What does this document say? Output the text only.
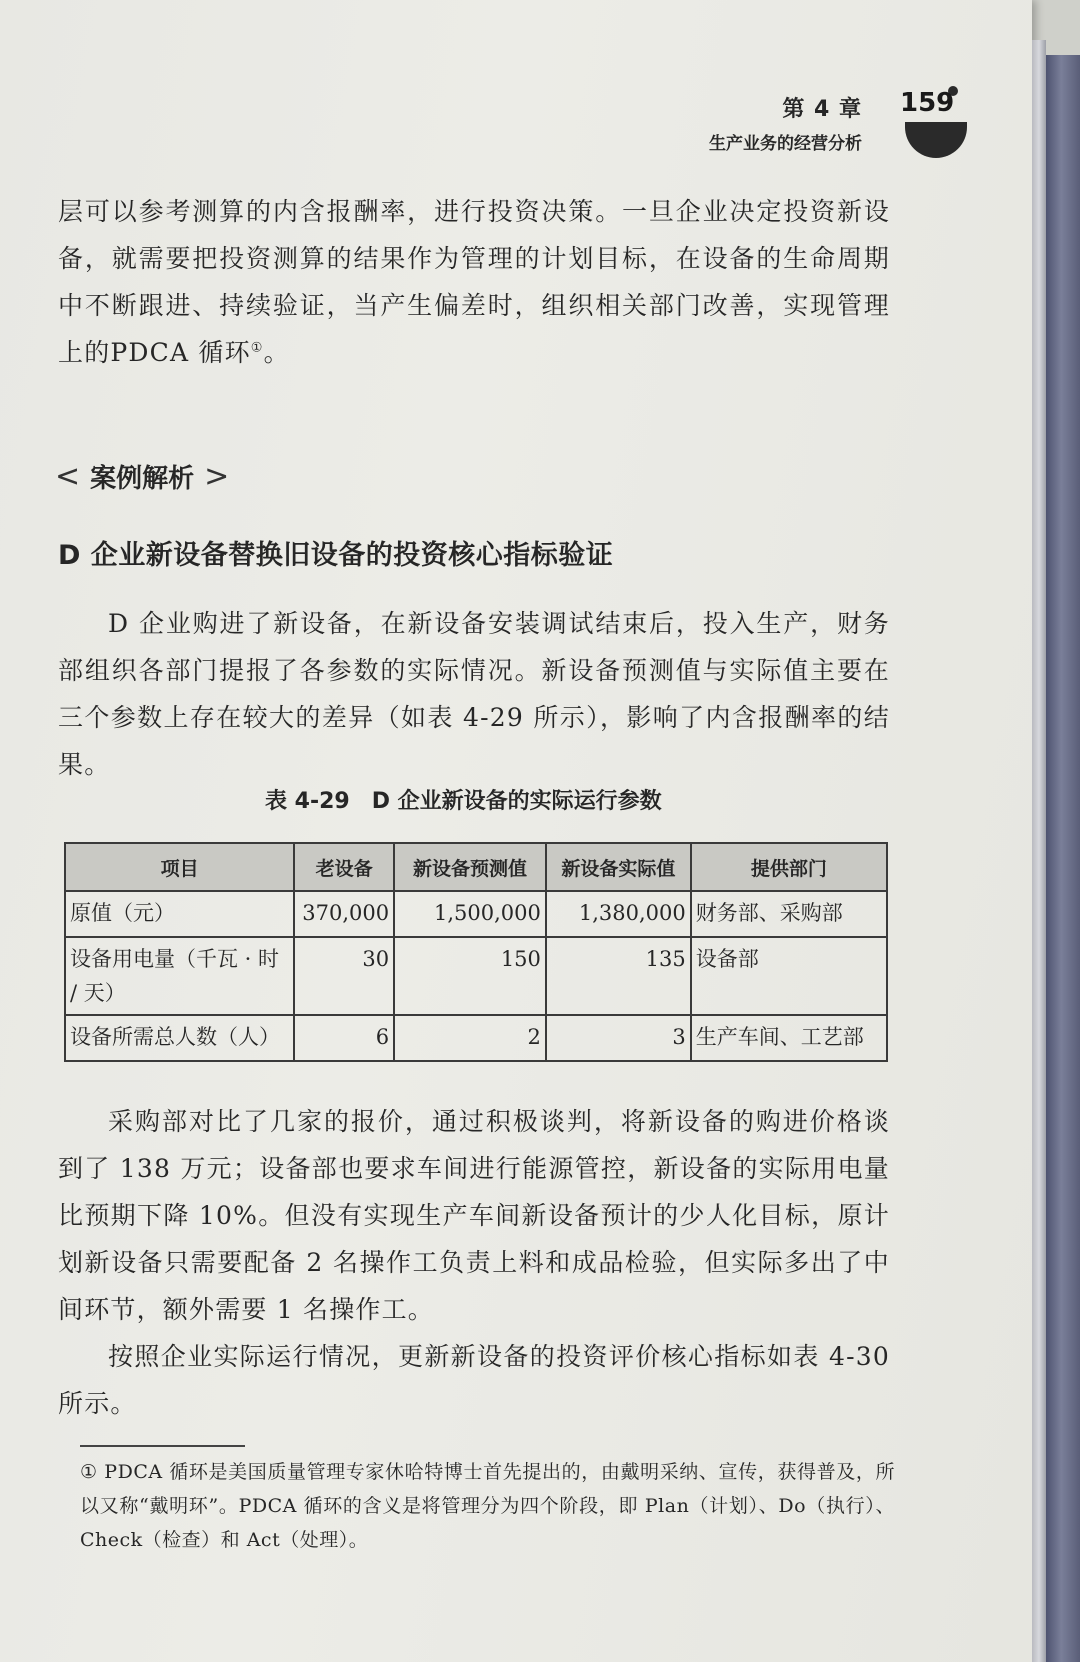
第 4 章
生产业务的经营分析
159

层可以参考测算的内含报酬率，进行投资决策。一旦企业决定投资新设备，就需要把投资测算的结果作为管理的计划目标，在设备的生命周期中不断跟进、持续验证，当产生偏差时，组织相关部门改善，实现管理上的PDCA 循环①。

< 案例解析 >
D 企业新设备替换旧设备的投资核心指标验证

D 企业购进了新设备，在新设备安装调试结束后，投入生产，财务部组织各部门提报了各参数的实际情况。新设备预测值与实际值主要在三个参数上存在较大的差异（如表 4-29 所示），影响了内含报酬率的结果。

表 4-29　D 企业新设备的实际运行参数
项目	老设备	新设备预测值	新设备实际值	提供部门
原值（元）	370,000	1,500,000	1,380,000	财务部、采购部
设备用电量（千瓦 · 时 / 天）	30	150	135	设备部
设备所需总人数（人）	6	2	3	生产车间、工艺部

采购部对比了几家的报价，通过积极谈判，将新设备的购进价格谈到了 138 万元；设备部也要求车间进行能源管控，新设备的实际用电量比预期下降 10%。但没有实现生产车间新设备预计的少人化目标，原计划新设备只需要配备 2 名操作工负责上料和成品检验，但实际多出了中间环节，额外需要 1 名操作工。

按照企业实际运行情况，更新新设备的投资评价核心指标如表 4-30 所示。

① PDCA 循环是美国质量管理专家休哈特博士首先提出的，由戴明采纳、宣传，获得普及，所以又称“戴明环”。PDCA 循环的含义是将管理分为四个阶段，即 Plan（计划）、Do（执行）、Check（检查）和 Act（处理）。
